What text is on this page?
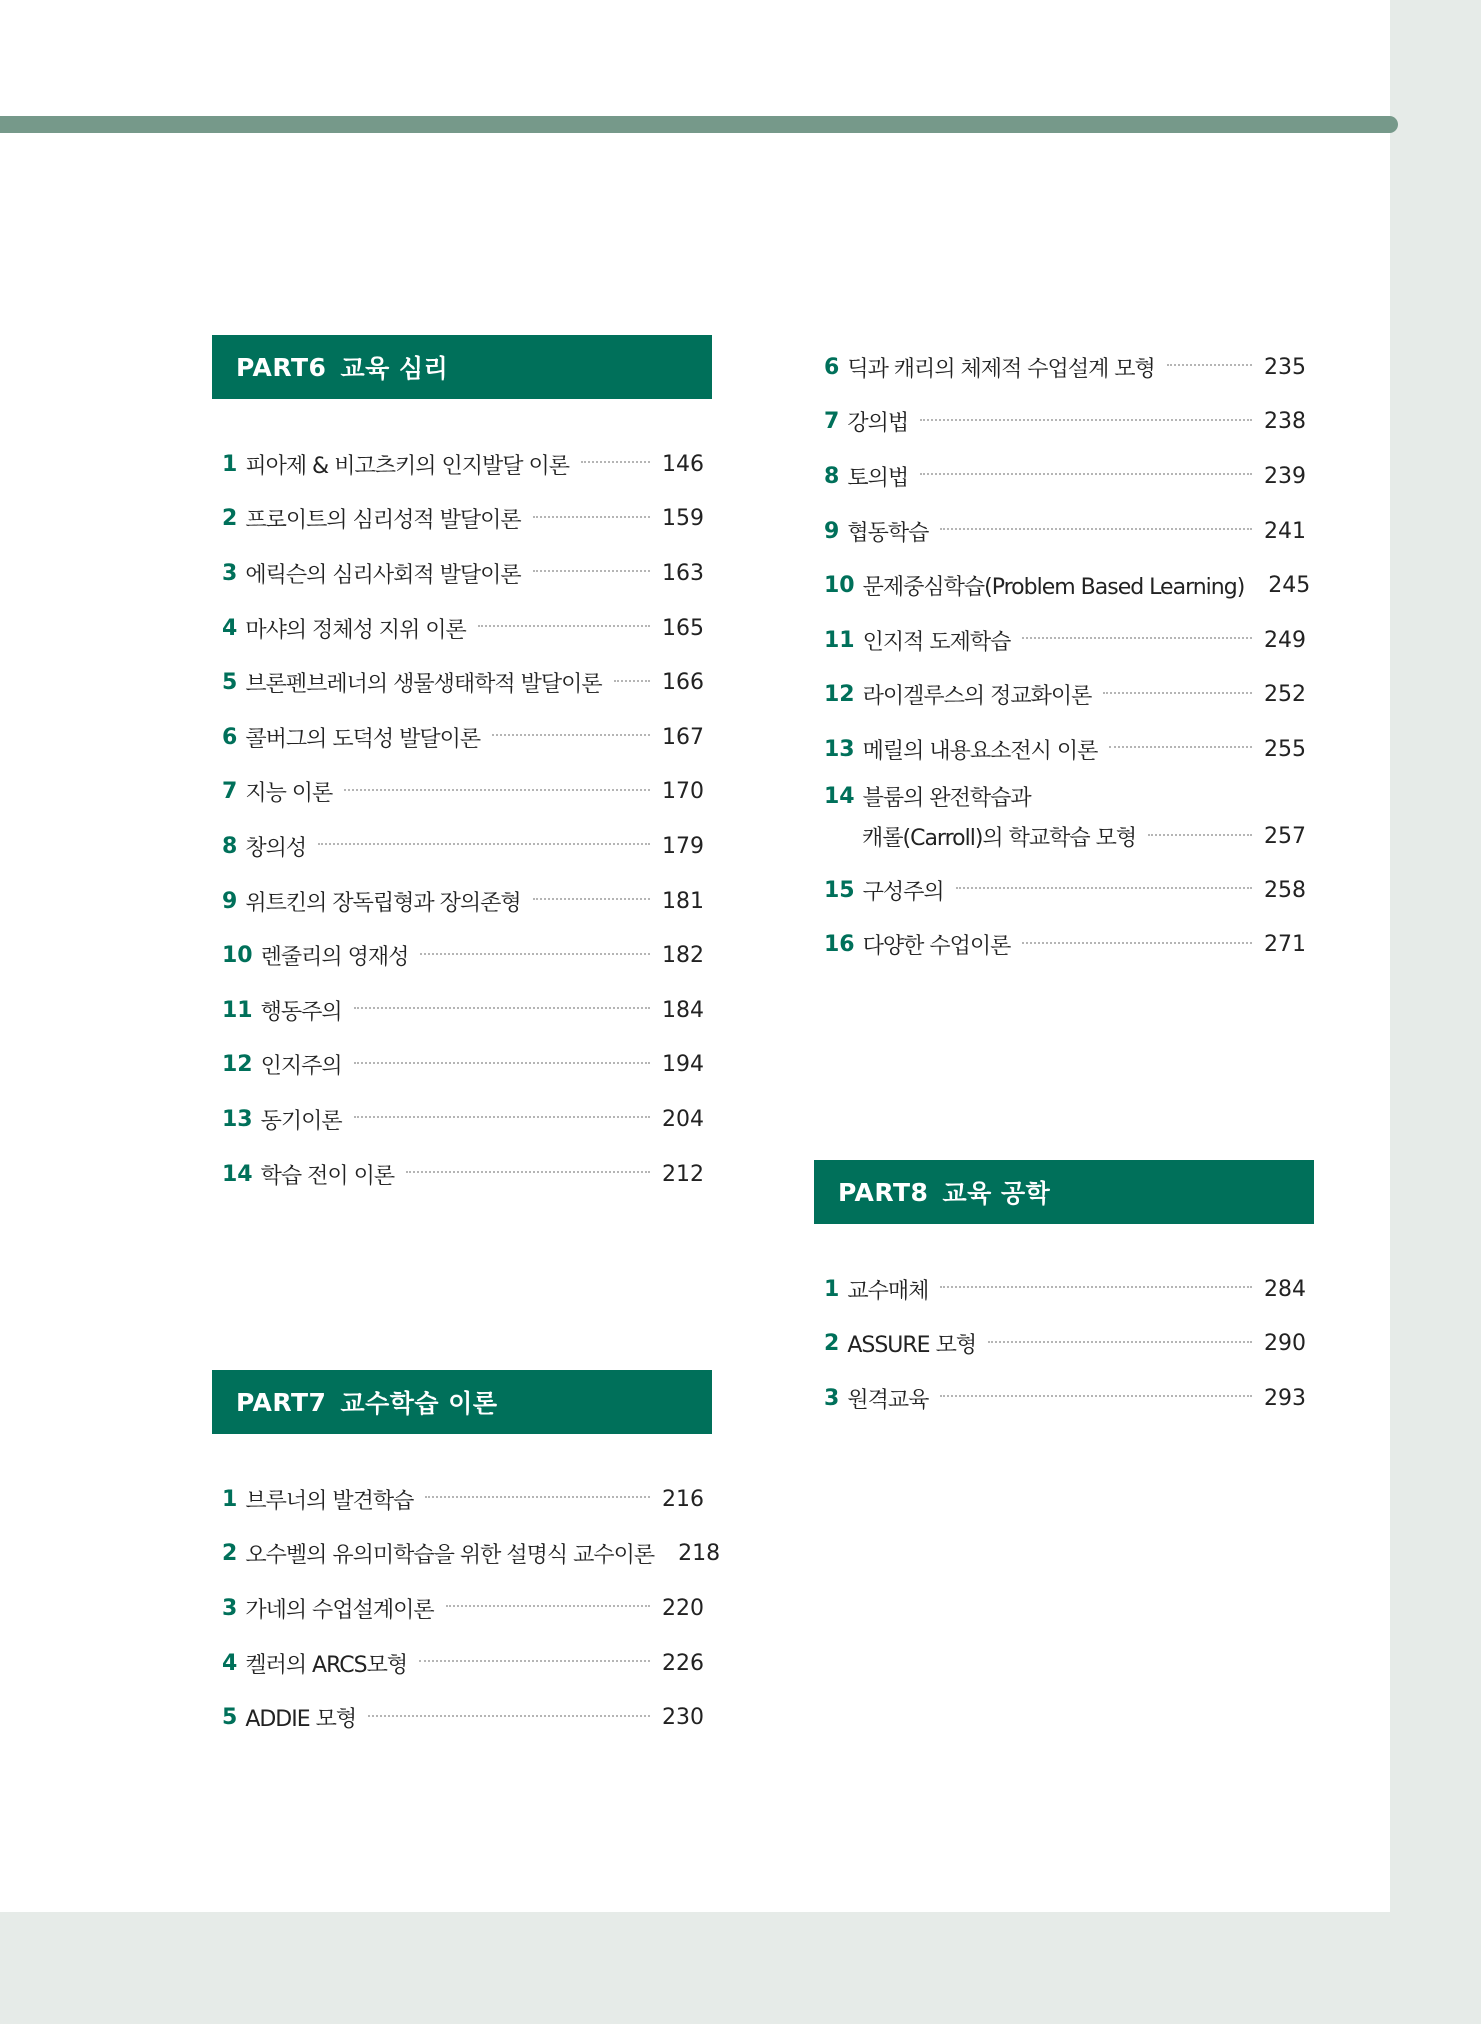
PART6 교육 심리
1 피아제 & 비고츠키의 인지발달 이론	146
2 프로이트의 심리성적 발달이론	159
3 에릭슨의 심리사회적 발달이론	163
4 마샤의 정체성 지위 이론	165
5 브론펜브레너의 생물생태학적 발달이론	166
6 콜버그의 도덕성 발달이론	167
7 지능 이론	170
8 창의성	179
9 위트킨의 장독립형과 장의존형	181
10 렌줄리의 영재성	182
11 행동주의	184
12 인지주의	194
13 동기이론	204
14 학습 전이 이론	212
PART7 교수학습 이론
1 브루너의 발견학습	216
2 오수벨의 유의미학습을 위한 설명식 교수이론 218
3 가네의 수업설계이론	220
4 켈러의 ARCS모형	226
5 ADDIE 모형	230
6 딕과 캐리의 체제적 수업설계 모형	235
7 강의법	238
8 토의법	239
9 협동학습	241
10 문제중심학습(Problem Based Learning) 245
11 인지적 도제학습	249
12 라이겔루스의 정교화이론	252
13 메릴의 내용요소전시 이론	255
14 블룸의 완전학습과
캐롤(Carroll)의 학교학습 모형	257
15 구성주의	258
16 다양한 수업이론	271
PART8 교육 공학
1 교수매체	284
2 ASSURE 모형	290
3 원격교육	293
